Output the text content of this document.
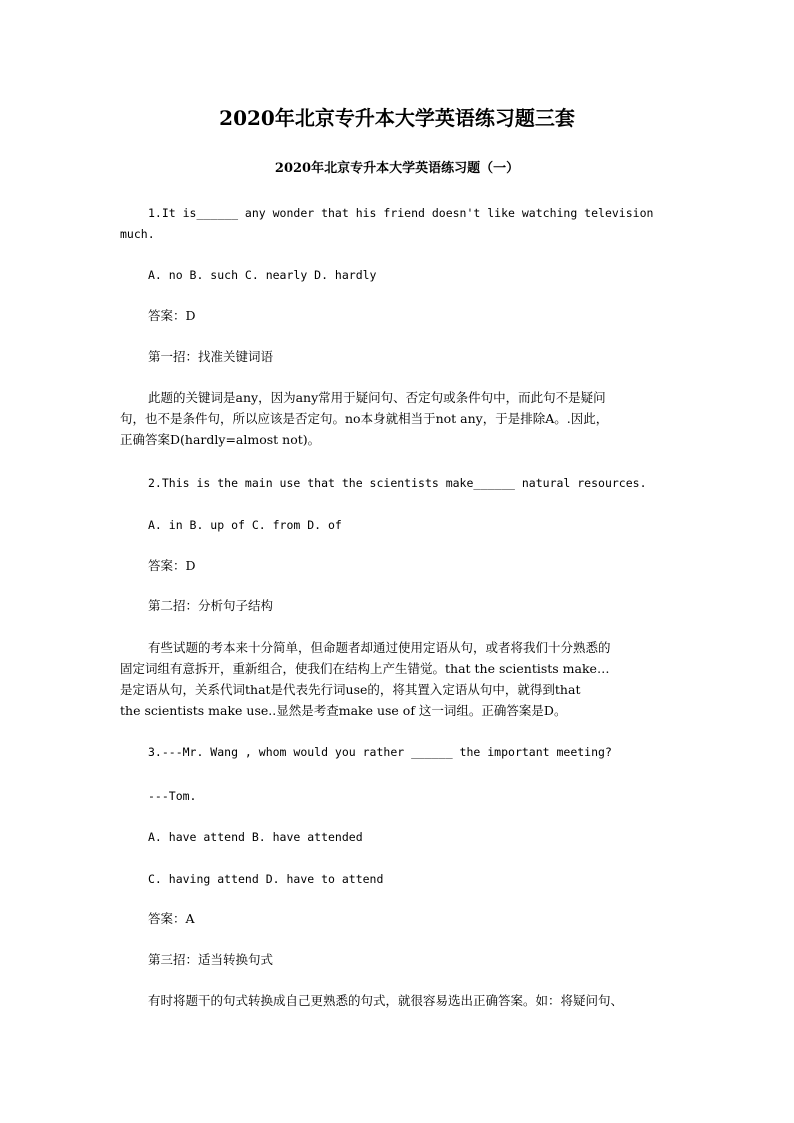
2020年北京专升本大学英语练习题三套
2020年北京专升本大学英语练习题（一）
1.It is______ any wonder that his friend doesn't like watching television
much.
A. no B. such C. nearly D. hardly
答案：D
第一招：找准关键词语
此题的关键词是any，因为any常用于疑问句、否定句或条件句中，而此句不是疑问
句，也不是条件句，所以应该是否定句。no本身就相当于not any，于是排除A。.因此，
正确答案D(hardly=almost not)。
2.This is the main use that the scientists make______ natural resources.
A. in B. up of C. from D. of
答案：D
第二招：分析句子结构
有些试题的考本来十分简单，但命题者却通过使用定语从句，或者将我们十分熟悉的
固定词组有意拆开，重新组合，使我们在结构上产生错觉。that the scientists make…
是定语从句，关系代词that是代表先行词use的，将其置入定语从句中，就得到that
the scientists make use..显然是考查make use of 这一词组。正确答案是D。
3.---Mr. Wang , whom would you rather ______ the important meeting?
---Tom.
A. have attend B. have attended
C. having attend D. have to attend
答案：A
第三招：适当转换句式
有时将题干的句式转换成自己更熟悉的句式，就很容易选出正确答案。如：将疑问句、
